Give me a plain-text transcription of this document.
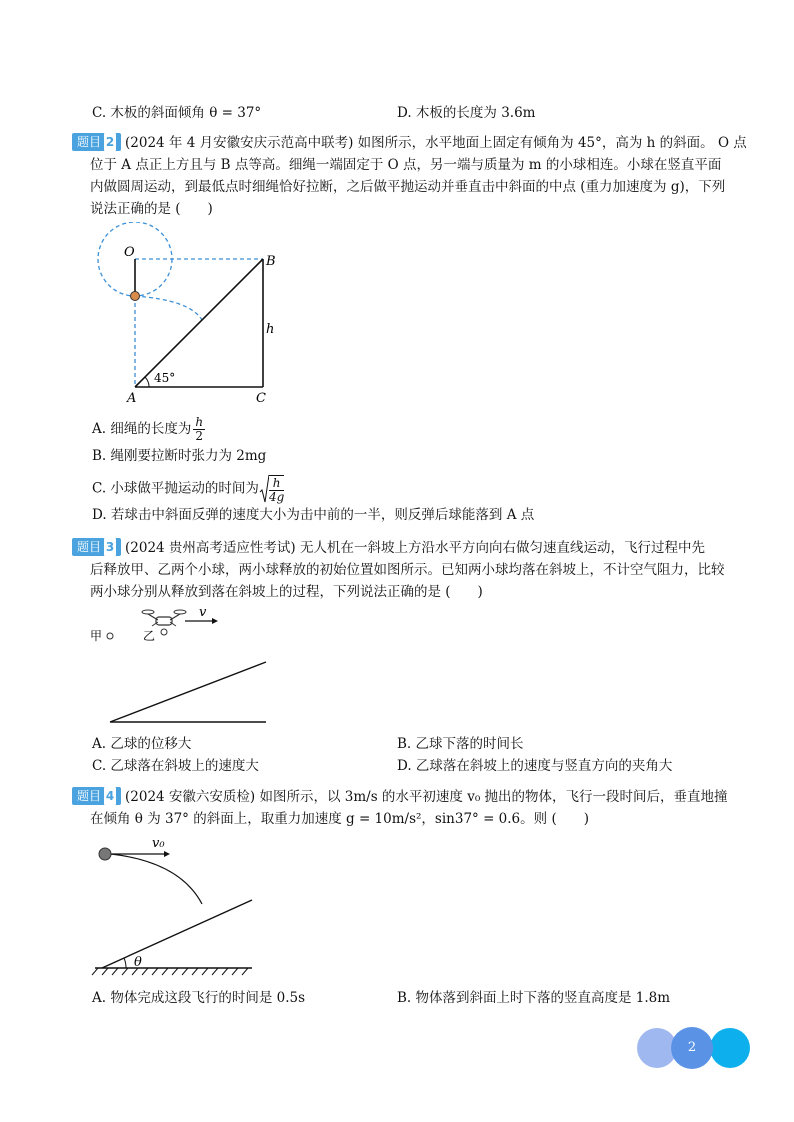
C. 木板的斜面倾角 θ = 37°	D. 木板的长度为 3.6m
题目 2 (2024 年 4 月安徽安庆示范高中联考) 如图所示，水平地面上固定有倾角为 45°，高为 h 的斜面。 O 点
位于 A 点正上方且与 B 点等高。细绳一端固定于 O 点，另一端与质量为 m 的小球相连。小球在竖直平面
内做圆周运动，到最低点时细绳恰好拉断，之后做平抛运动并垂直击中斜面的中点 (重力加速度为 g)，下列
说法正确的是 (　　)
O
B
h
A	C
45°
A. 细绳的长度为 $\frac{h}{2}$
B. 绳刚要拉断时张力为 2mg
C. 小球做平抛运动的时间为 $\frac{h}{4g}$
D. 若球击中斜面反弹的速度大小为击中前的一半，则反弹后球能落到 A 点
题目 3 (2024 贵州高考适应性考试) 无人机在一斜坡上方沿水平方向向右做匀速直线运动，飞行过程中先
后释放甲、乙两个小球，两小球释放的初始位置如图所示。已知两小球均落在斜坡上，不计空气阻力，比较
两小球分别从释放到落在斜坡上的过程，下列说法正确的是 (　　)
甲	乙
v
A. 乙球的位移大	B. 乙球下落的时间长
C. 乙球落在斜坡上的速度大	D. 乙球落在斜坡上的速度与竖直方向的夹角大
题目 4 (2024 安徽六安质检) 如图所示，以 3m/s 的水平初速度 v₀ 抛出的物体，飞行一段时间后，垂直地撞
在倾角 θ 为 37° 的斜面上，取重力加速度 g = 10m/s²，sin37° = 0.6。则 (　　)
v₀
θ
A. 物体完成这段飞行的时间是 0.5s	B. 物体落到斜面上时下落的竖直高度是 1.8m
2
